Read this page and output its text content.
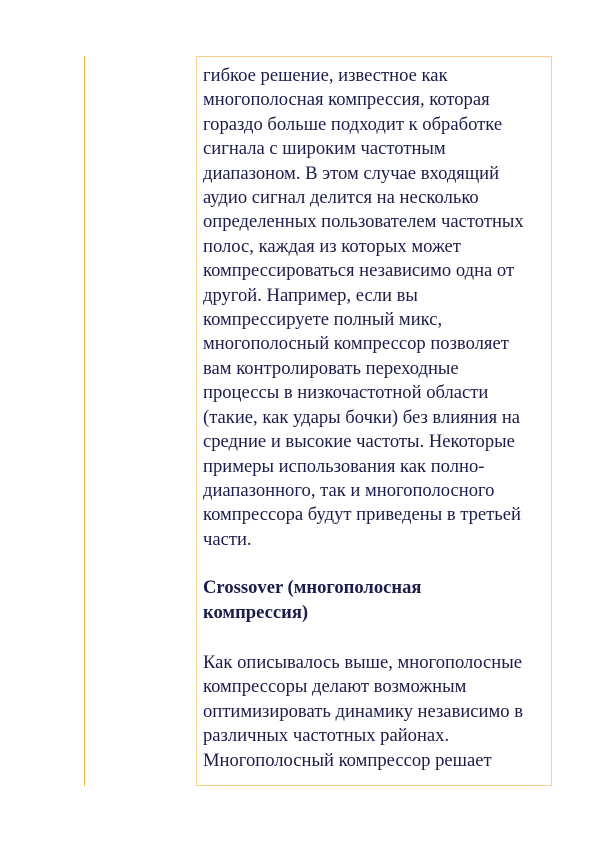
гибкое решение, известное как
многополосная компрессия, которая
гораздо больше подходит к обработке
сигнала с широким частотным
диапазоном. В этом случае входящий
аудио сигнал делится на несколько
определенных пользователем частотных
полос, каждая из которых может
компрессироваться независимо одна от
другой. Например, если вы
компрессируете полный микс,
многополосный компрессор позволяет
вам контролировать переходные
процессы в низкочастотной области
(такие, как удары бочки) без влияния на
средние и высокие частоты. Некоторые
примеры использования как полно-
диапазонного, так и многополосного
компрессора будут приведены в третьей
части.

Crossover (многополосная
компрессия)

Как описывалось выше, многополосные
компрессоры делают возможным
оптимизировать динамику независимо в
различных частотных районах.
Многополосный компрессор решает
